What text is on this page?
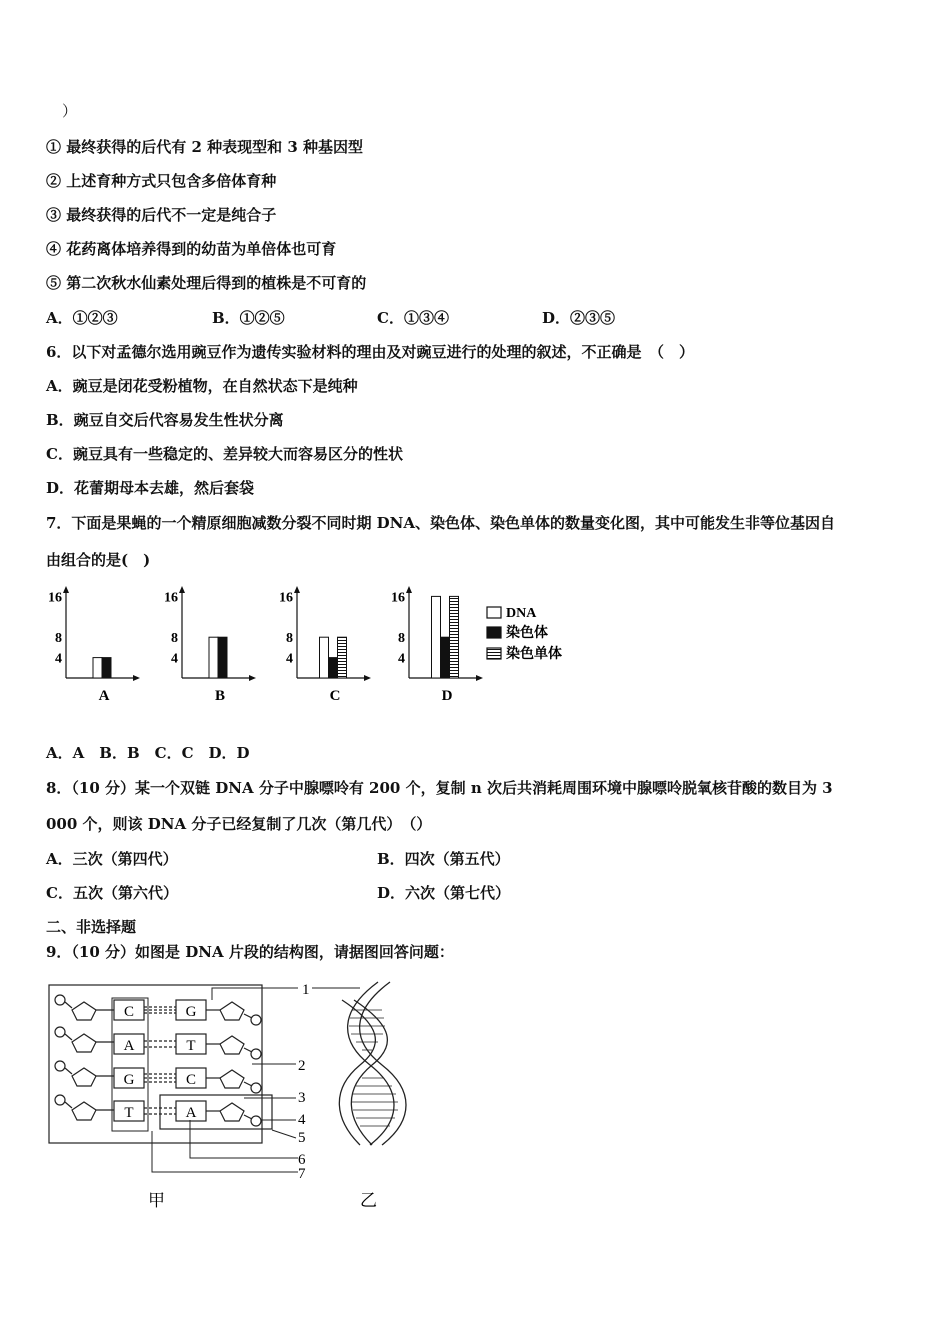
）
① 最终获得的后代有 2 种表现型和 3 种基因型
② 上述育种方式只包含多倍体育种
③ 最终获得的后代不一定是纯合子
④ 花药离体培养得到的幼苗为单倍体也可育
⑤ 第二次秋水仙素处理后得到的植株是不可育的
A．①②③	B．①②⑤	C．①③④	D．②③⑤
6．以下对孟德尔选用豌豆作为遗传实验材料的理由及对豌豆进行的处理的叙述，不正确是　（　）
A．豌豆是闭花受粉植物，在自然状态下是纯种
B．豌豆自交后代容易发生性状分离
C．豌豆具有一些稳定的、差异较大而容易区分的性状
D．花蕾期母本去雄，然后套袋
7．下面是果蝇的一个精原细胞减数分裂不同时期 DNA、染色体、染色单体的数量变化图，其中可能发生非等位基因自
由组合的是(　)
16
8
4
A
16
8
4
B
16
8
4
C
16
8
4
D
DNA
染色体
染色单体
A．A　B．B　C．C　D．D
8．（10 分）某一个双链 DNA 分子中腺嘌呤有 200 个，复制 n 次后共消耗周围环境中腺嘌呤脱氧核苷酸的数目为 3
000 个，则该 DNA 分子已经复制了几次（第几代）　（）
A．三次（第四代）	B．四次（第五代）
C．五次（第六代）	D．六次（第七代）
二、非选择题
9．（10 分）如图是 DNA 片段的结构图，请据图回答问题：
C
A
G
T
G
T
C
A
1
2
3
4
5
6
7
甲	乙
